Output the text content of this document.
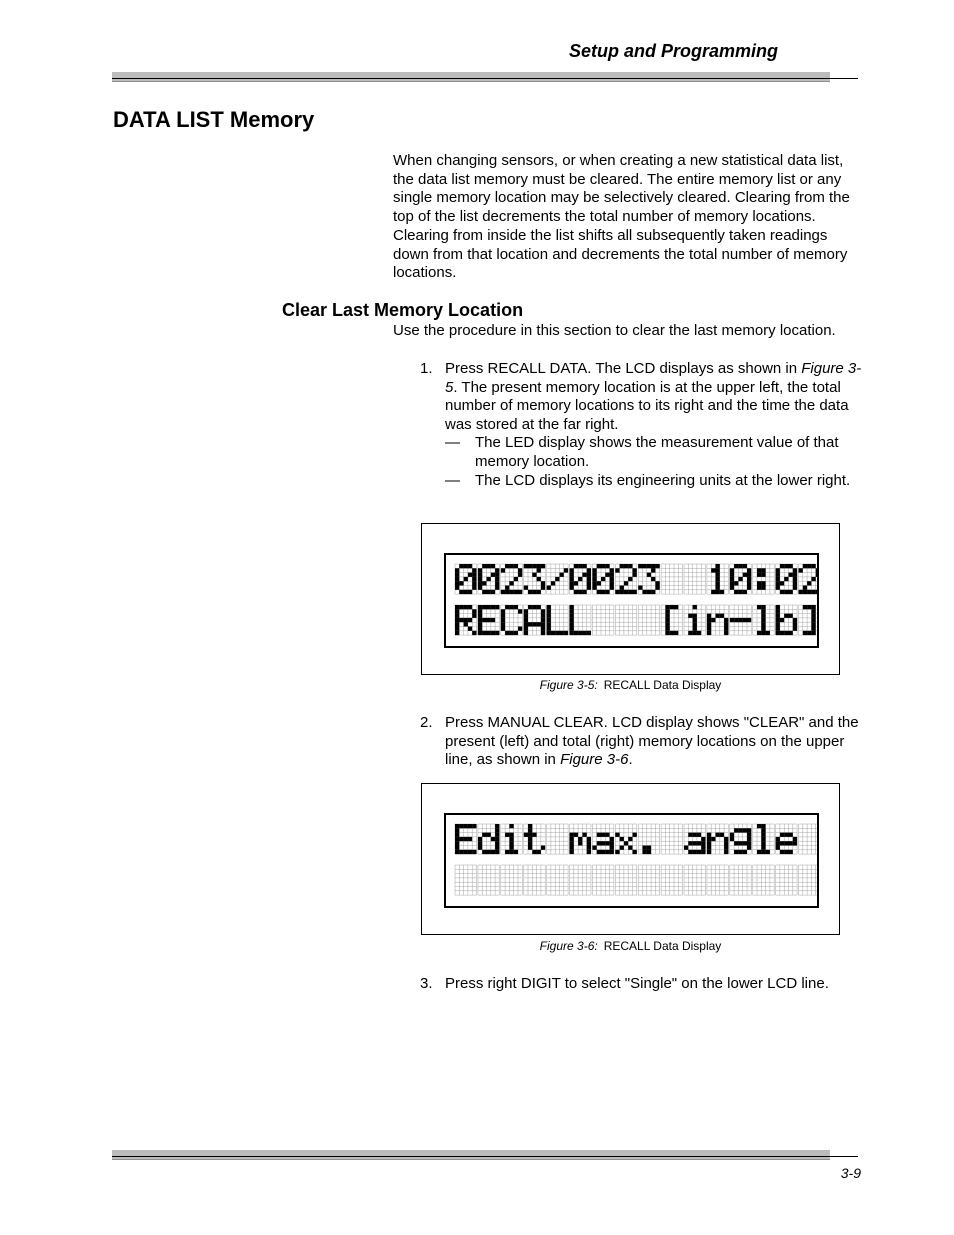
Setup and Programming
DATA LIST Memory
When changing sensors, or when creating a new statistical data list, the data list memory must be cleared. The entire memory list or any single memory location may be selectively cleared. Clearing from the top of the list decrements the total number of memory locations. Clearing from inside the list shifts all subsequently taken readings down from that location and decrements the total number of memory locations.
Clear Last Memory Location
Use the procedure in this section to clear the last memory location.
1. Press RECALL DATA. The LCD displays as shown in Figure 3-5. The present memory location is at the upper left, the total number of memory locations to its right and the time the data was stored at the far right.
— The LED display shows the measurement value of that memory location.
— The LCD displays its engineering units at the lower right.
Figure 3-5: RECALL Data Display
2. Press MANUAL CLEAR. LCD display shows "CLEAR" and the present (left) and total (right) memory locations on the upper line, as shown in Figure 3-6.
Figure 3-6: RECALL Data Display
3. Press right DIGIT to select "Single" on the lower LCD line.
3-9
